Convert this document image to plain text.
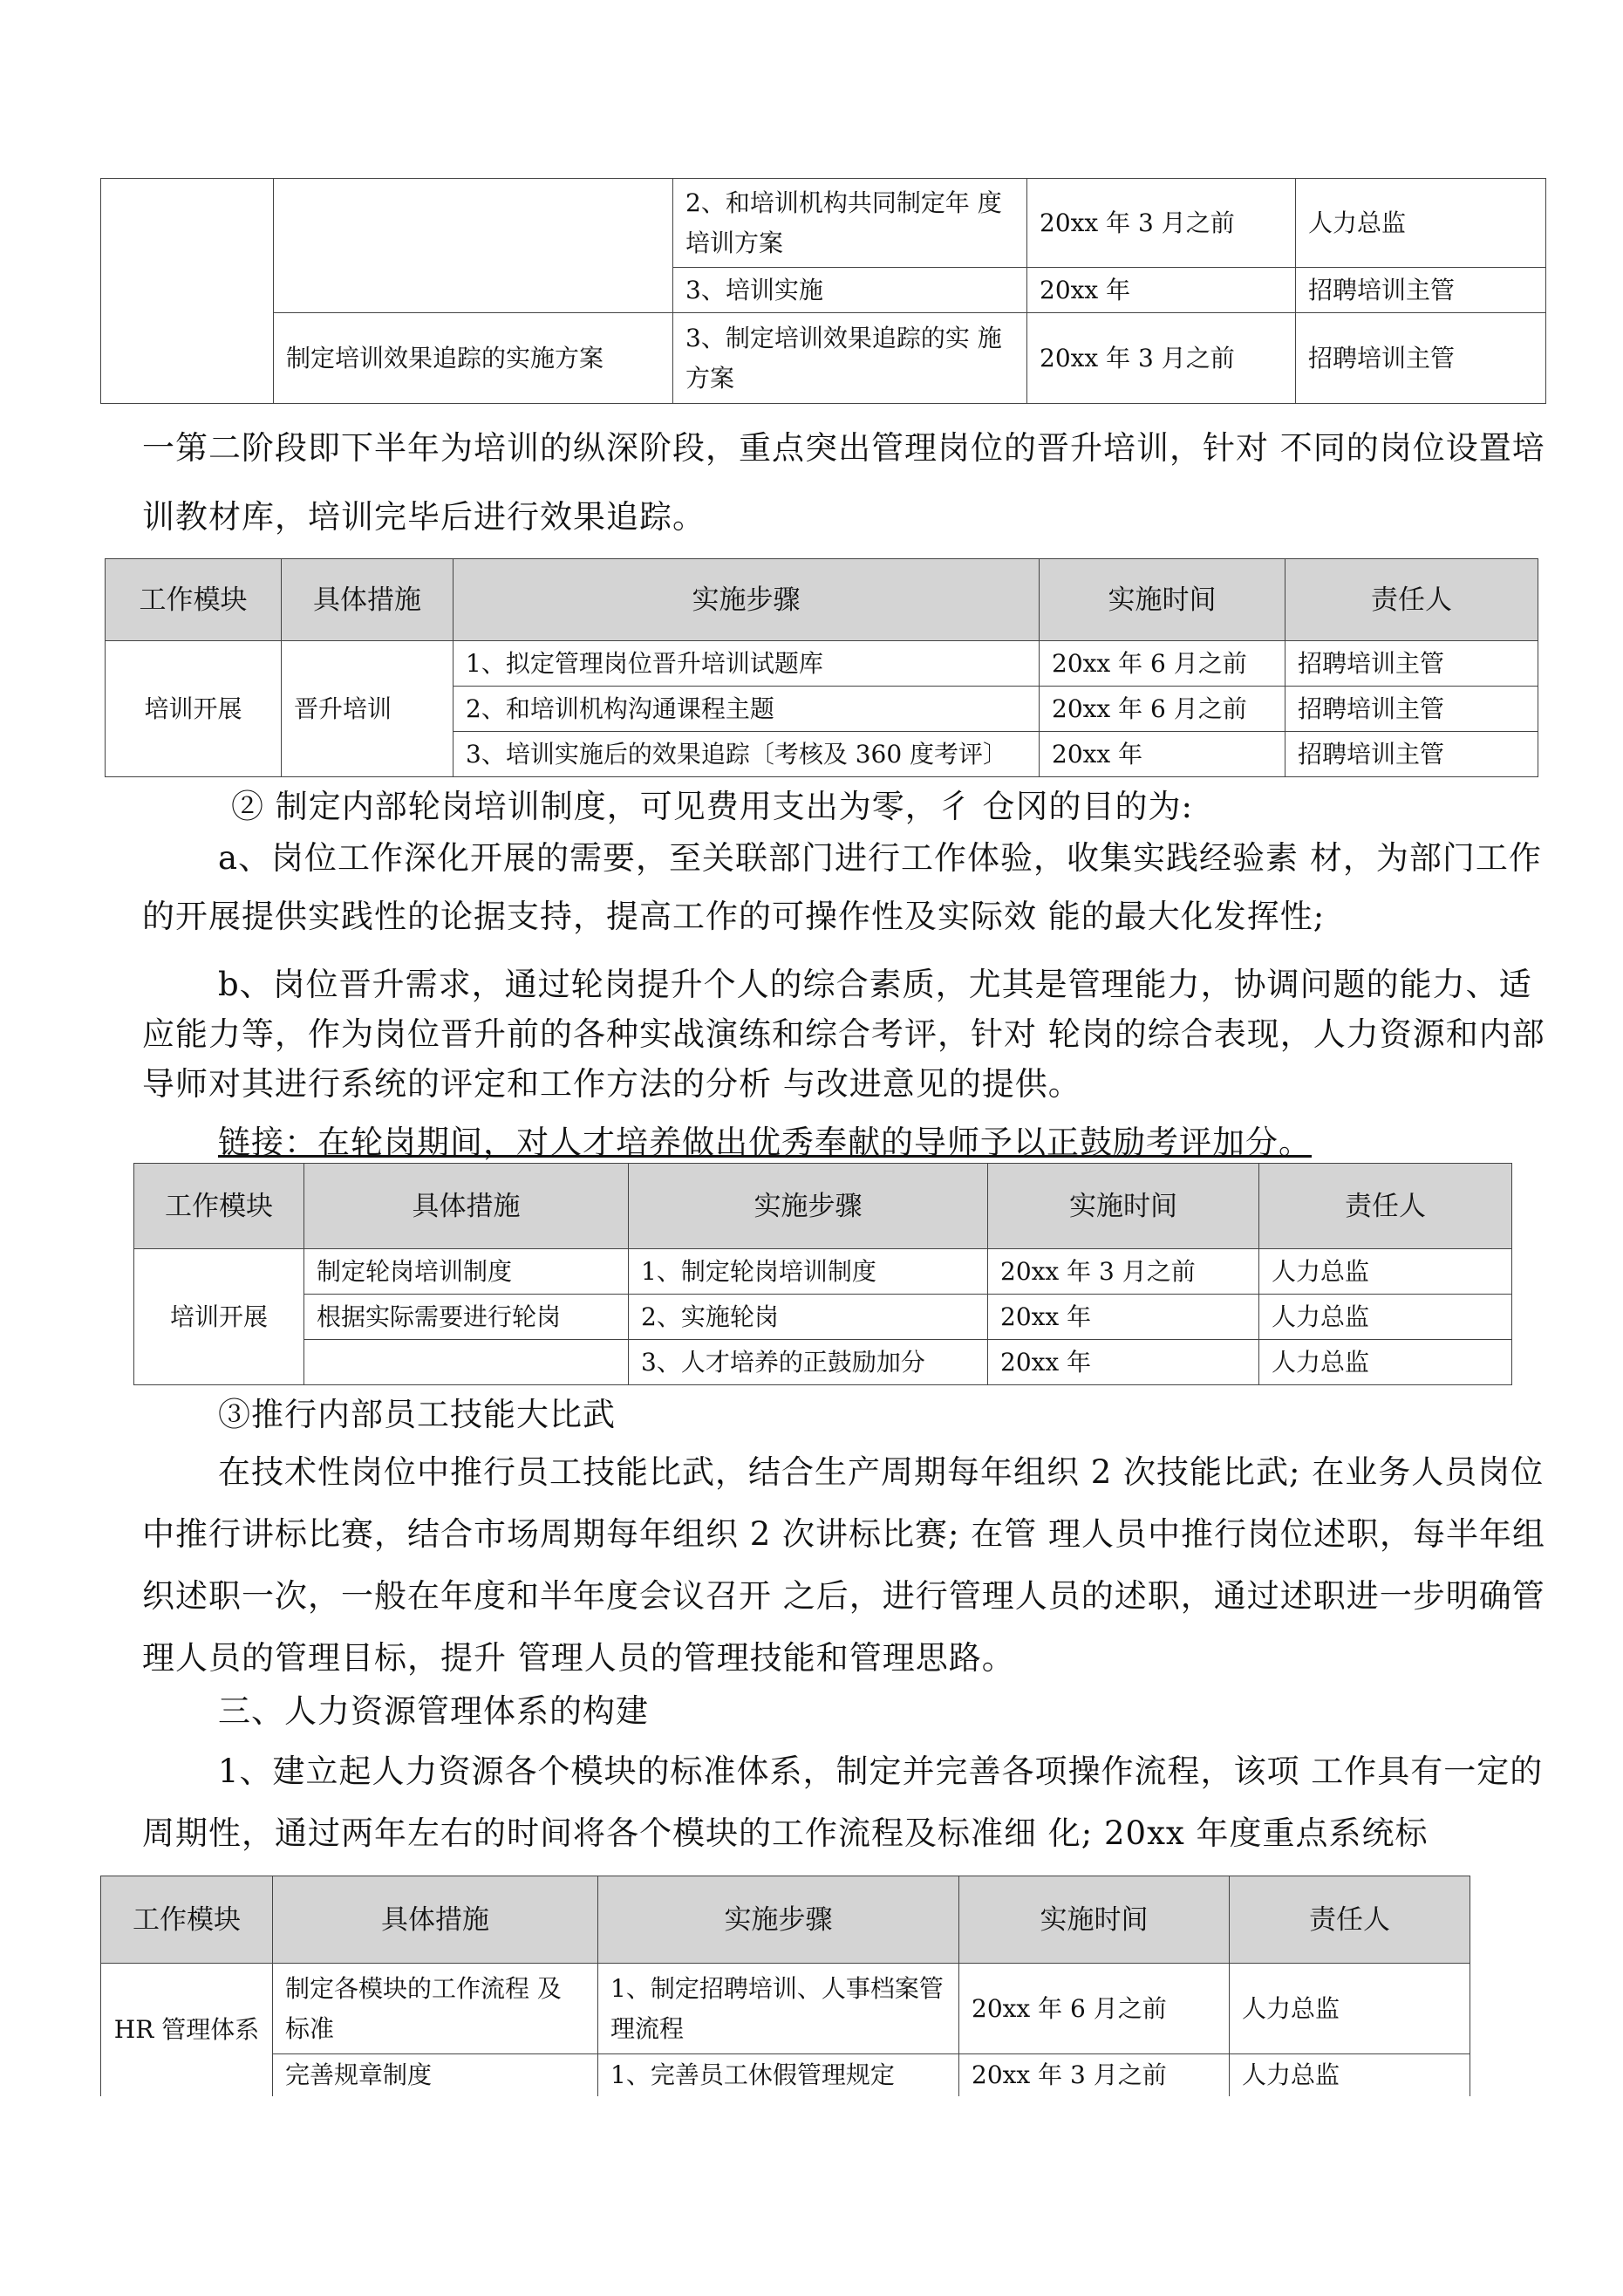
		2、和培训机构共同制定年 度培训方案	20xx 年 3 月之前	人力总监
		3、培训实施	20xx 年	招聘培训主管
	制定培训效果追踪的实施方案	3、制定培训效果追踪的实 施方案	20xx 年 3 月之前	招聘培训主管
一第二阶段即下半年为培训的纵深阶段，重点突出管理岗位的晋升培训，针对 不同的岗位设置培训教材库，培训完毕后进行效果追踪。
工作模块	具体措施	实施步骤	实施时间	责任人
培训开展	晋升培训	1、拟定管理岗位晋升培训试题库	20xx 年 6 月之前	招聘培训主管
		2、和培训机构沟通课程主题	20xx 年 6 月之前	招聘培训主管
		3、培训实施后的效果追踪〔考核及 360 度考评〕	20xx 年	招聘培训主管
② 制定内部轮岗培训制度，可见费用支出为零，彳 仓冈的目的为:
a、岗位工作深化开展的需要，至关联部门进行工作体验，收集实践经验素 材，为部门工作的开展提供实践性的论据支持，提高工作的可操作性及实际效 能的最大化发挥性;
b、岗位晋升需求，通过轮岗提升个人的综合素质，尤其是管理能力，协调问题的能力、适应能力等，作为岗位晋升前的各种实战演练和综合考评，针对 轮岗的综合表现，人力资源和内部导师对其进行系统的评定和工作方法的分析 与改进意见的提供。
链接：在轮岗期间，对人才培养做出优秀奉献的导师予以正鼓励考评加分。
工作模块	具体措施	实施步骤	实施时间	责任人
培训开展	制定轮岗培训制度	1、制定轮岗培训制度	20xx 年 3 月之前	人力总监
	根据实际需要进行轮岗	2、实施轮岗	20xx 年	人力总监
		3、人才培养的正鼓励加分	20xx 年	人力总监
③推行内部员工技能大比武
在技术性岗位中推行员工技能比武，结合生产周期每年组织 2 次技能比武; 在业务人员岗位中推行讲标比赛，结合市场周期每年组织 2 次讲标比赛; 在管 理人员中推行岗位述职，每半年组织述职一次，一般在年度和半年度会议召开 之后，进行管理人员的述职，通过述职进一步明确管理人员的管理目标，提升 管理人员的管理技能和管理思路。
三、人力资源管理体系的构建
1、建立起人力资源各个模块的标准体系，制定并完善各项操作流程，该项 工作具有一定的周期性，通过两年左右的时间将各个模块的工作流程及标准细 化; 20xx 年度重点系统标
工作模块	具体措施	实施步骤	实施时间	责任人
HR 管理体系	制定各模块的工作流程 及标准	1、制定招聘培训、人事档案管理流程	20xx 年 6 月之前	人力总监
	完善规章制度	1、完善员工休假管理规定	20xx 年 3 月之前	人力总监
